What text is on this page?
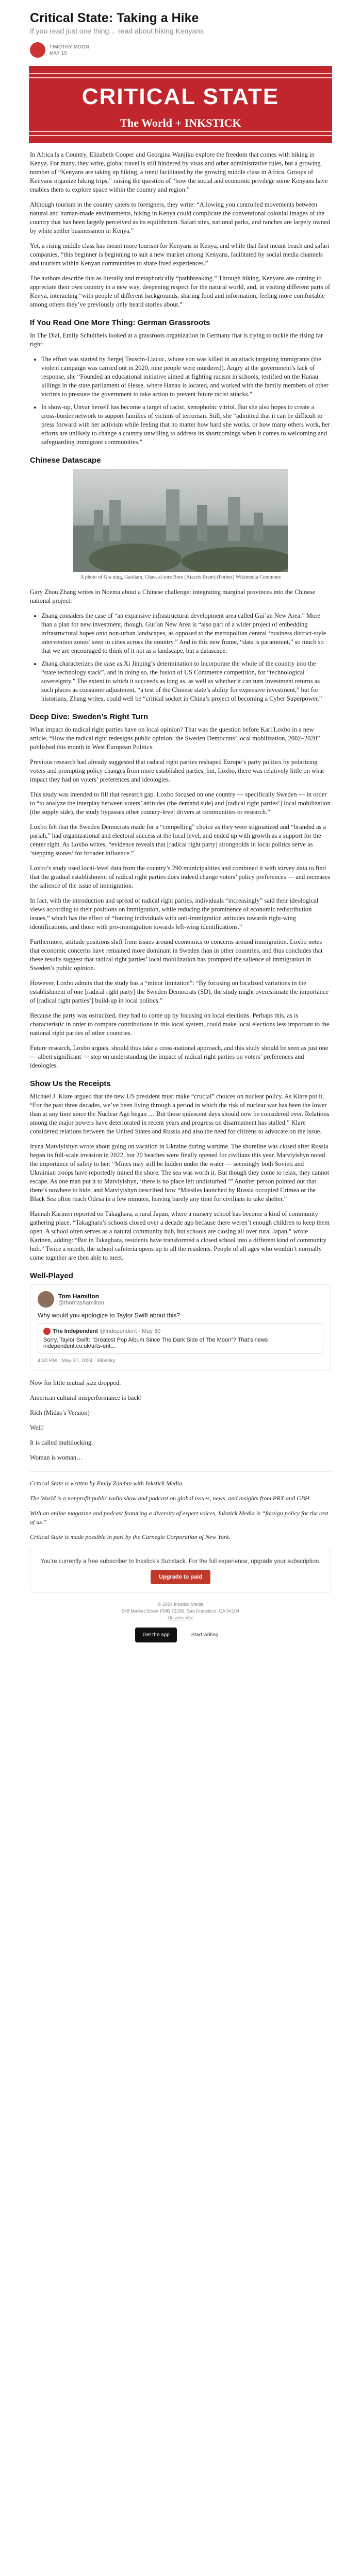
Critical State: Taking a Hike
If you read just one thing… read about hiking Kenyans
TIMOTHY MOON
MAY 15
CRITICAL STATE
The World + INKSTICK

In Africa Is a Country, Elizabeth Cooper and Georgina Wanjiku explore the freedom that comes with hiking in Kenya. For many, they write, global travel is still hindered by visas and other administrative rules, but a growing number of “Kenyans are taking up hiking, a trend facilitated by the growing middle class in Africa. Groups of Kenyans organize hiking trips,” raising the question of “how the social and economic privilege some Kenyans have enables them to explore space within the country and region.”

Although tourism in the country caters to foreigners, they write: “Allowing you controlled movements between natural and human-made environments, hiking in Kenya could complicate the conventional colonial images of the country that has been largely perceived as its equilibrium. Safari sites, national parks, and ranches are largely owned by white settler businessmen in Kenya.”

Yet, a rising middle class has meant more tourism for Kenyans in Kenya, and while that first meant beach and safari companies, “this beginner is beginning to suit a new market among Kenyans, facilitated by social media channels and tourism within Kenyan communities to share lived experiences.”

The authors describe this as literally and metaphorically “pathbreaking.” Through hiking, Kenyans are coming to appreciate their own country in a new way, deepening respect for the natural world, and, in visiting different parts of Kenya, interacting “with people of different backgrounds, sharing food and information, feeling more comfortable among others they’ve previously only heard stories about.”

If You Read One More Thing: German Grassroots

In The Dial, Emily Schultheis looked at a grassroots organization in Germany that is trying to tackle the rising far right:

• The effort was started by Sergej Teuscin-Liacuc, whose son was killed in an attack targeting immigrants (the violent campaign was carried out in 2020, nine people were murdered). Angry at the government’s lack of response, she “Founded an educational initiative aimed at fighting racism in schools, testified on the Hanau killings in the state parliament of Hesse, where Hanau is located, and worked with the family members of other victims to pressure the government to take action to prevent future racist attacks.”
• In show-up, Unvar herself has become a target of racist, xenophobic vitriol. But she also hopes to create a cross-border network to support families of victims of terrorism. Still, she “admitted that it can be difficult to press forward with her activism while feeling that no matter how hard she works, or how many others work, her efforts are unlikely to change a country unwilling to address its shortcomings when it comes to welcoming and safeguarding immigrant communities.”
Chinese Datascape
A photo of Gra ning, Gaoliam, Chao, al sore Bore (Atacris Bram) (Forbes) Wikimedia Commons

Gary Zhou Zhang writes in Noema about a Chinese challenge: integrating marginal provinces into the Chinese national project:

• Zhang considers the case of “an expansive infrastructural development area called Gui’an New Area.” More than a plan for new investment, though, Gui’an New Area is “also part of a wider project of embedding infrastructural hopes onto non-urban landscapes, as opposed to the metropolitan central ‘business district-style intervention zones’ seen in cities across the country.” And in this new frame, “data is paramount,” so much so that we are encouraged to think of it not as a landscape, but a datascape.
• Zhang characterizes the case as Xi Jinping’s determination to incorporate the whole of the country into the “state technology stack”, and in doing so, the fusion of US Commerce competition, for “technological sovereignty.” The extent to which it succeeds as long as, as well as whether it can turn investment returns as such places as consumer adjustment, “a test of the Chinese state’s ability for expensive investment,” but for historians, Zhang writes, could well be “critical socket in China’s project of becoming a Cyber Superpower.”
Deep Dive: Sweden’s Right Turn

What impact do radical right parties have on local opinion? That was the question before Karl Loxbo in a new article, “How the radical right redesigns public opinion: the Sweden Democrats’ local mobilization, 2002–2020” published this month in West European Politics.

Previous research had already suggested that radical right parties reshaped Europe’s party politics by polarizing voters and prompting policy changes from more established parties, but, Loxbo, there was relatively little on what impact they had on voters’ preferences and ideologies.

This study was intended to fill that research gap. Loxbo focused on one country — specifically Sweden — in order to “to analyze the interplay between voters’ attitudes (the demand side) and [radical right parties’] local mobilization (the supply side), the study bypasses other country-level drivers at communities or research.”

Loxbo felt that the Sweden Democrats made for a “compelling” choice as they were stigmatized and “branded as a pariah,” had organizational and electoral success at the local level, and ended up with growth as a support for the center right. As Loxbo writes, “evidence reveals that [radical right party] strongholds in local politics serve as ‘stepping stones’ for broader influence.”

Loxbo’s study used local-level data from the country’s 290 municipalities and combined it with survey data to find that the gradual establishment of radical right parties does indeed change voters’ policy preferences — and increases the salience of the issue of immigration.

In fact, with the introduction and spread of radical right parties, individuals “increasingly” said their ideological views according to their positions on immigration, while reducing the prominence of economic redistribution issues,” which has the effect of “forcing individuals with anti-immigration attitudes towards right-wing identifications, and those with pro-immigration towards left-wing identifications.”

Furthermore, attitude positions shift from issues around economics to concerns around immigration. Loxbo notes that economic concerns have remained more dominant in Sweden than in other countries, and thus concludes that these results suggest that radical right parties’ local mobilization has prompted the salience of immigration in Sweden’s public opinion.

However, Loxbo admits that the study has a “minor limitation”: “By focusing on localized variations in the establishment of one [radical right party] the Sweden Democrats (SD), the study might overestimate the importance of [radical right parties’] build-up in local politics.”

Because the party was ostracized, they had to come up by focusing on local elections. Perhaps this, as is characteristic in order to compare contributions in this local system, could make local elections less important to the national right parties of other countries.

Future research, Loxbo argues, should thus take a cross-national approach, and this study should be seen as just one — albeit significant — step on understanding the impact of radical right parties on voters’ preferences and ideologies.

Show Us the Receipts

Michael J. Klare argued that the new US president must make “crucial” choices on nuclear policy. As Klare put it, “For the past three decades, we’ve been living through a period in which the risk of nuclear war has been the lower than at any time since the Nuclear Age began … But those quiescent days should now be considered over. Relations among the major powers have deteriorated in recent years and progress on disarmament has stalled.” Klare considered relations between the United States and Russia and also the need for citizens to advocate on the issue.

Iryna Matviyishyn wrote about going on vacation in Ukraine during wartime. The shoreline was closed after Russia began its full-scale invasion in 2022, but 20 beaches were finally opened for civilians this year. Matviyishyn noted the importance of safety to her: “Mines may still be hidden under the water — seemingly both Sovieti and Ukrainian troops have reportedly mined the shore. The sea was worth it. But though they come to relax, they cannot escape. As one man put it to Matviyishyn, ‘there is no place left undisturbed.’” Another person pointed out that there’s nowhere to hide, and Matviyishyn described how “Missiles launched by Russia occupied Crimea or the Black Sea often reach Odesa in a few minutes, leaving barely any time for civilians to take shelter.”

Hannah Karinen reported on Takaghara, a rural Japan, where a nursery school has become a kind of community gathering place. “Takaghara’s schools closed over a decade ago because there weren’t enough children to keep them open. A school often serves as a natural community hub, but schools are closing all over rural Japan,” wrote Karinen, adding: “But in Takaghara, residents have transformed a closed school into a different kind of community hub.” Twice a month, the school cafeteria opens up to all the residents. People of all ages who wouldn’t normally come together are then able to meet.

Well-Played
Tom Hamilton
@thomashamilton
Why would you apologize to Taylor Swift about this?
The Independent @Independent · May 30
Sorry, Taylor Swift: “Greatest Pop Album Since The Dark Side of The Moon”? That’s news independent.co.uk/arts-ent...
4:30 PM · May 31, 2024 · Bluesky

Now for little mutual jazz dropped.

American cultural misperformance is back!

Rich (Midas’s Version)

Well!

It is called multilocking.

Woman is woman…

Critical State is written by Emily Zambin with Inkstick Media.

The World is a nonprofit public radio show and podcast on global issues, news, and insights from PRX and GBH.

With an online magazine and podcast featuring a diversity of expert voices, Inkstick Media is “foreign policy for the rest of us.”

Critical State is made possible in part by the Carnegie Corporation of New York.

You’re currently a free subscriber to Inkstick’s Substack. For the full experience, upgrade your subscription.
Upgrade to paid
© 2024 Inkstick Media
548 Market Street PMB 72296, San Francisco, CA 94104
Unsubscribe
Get the app	Start writing
